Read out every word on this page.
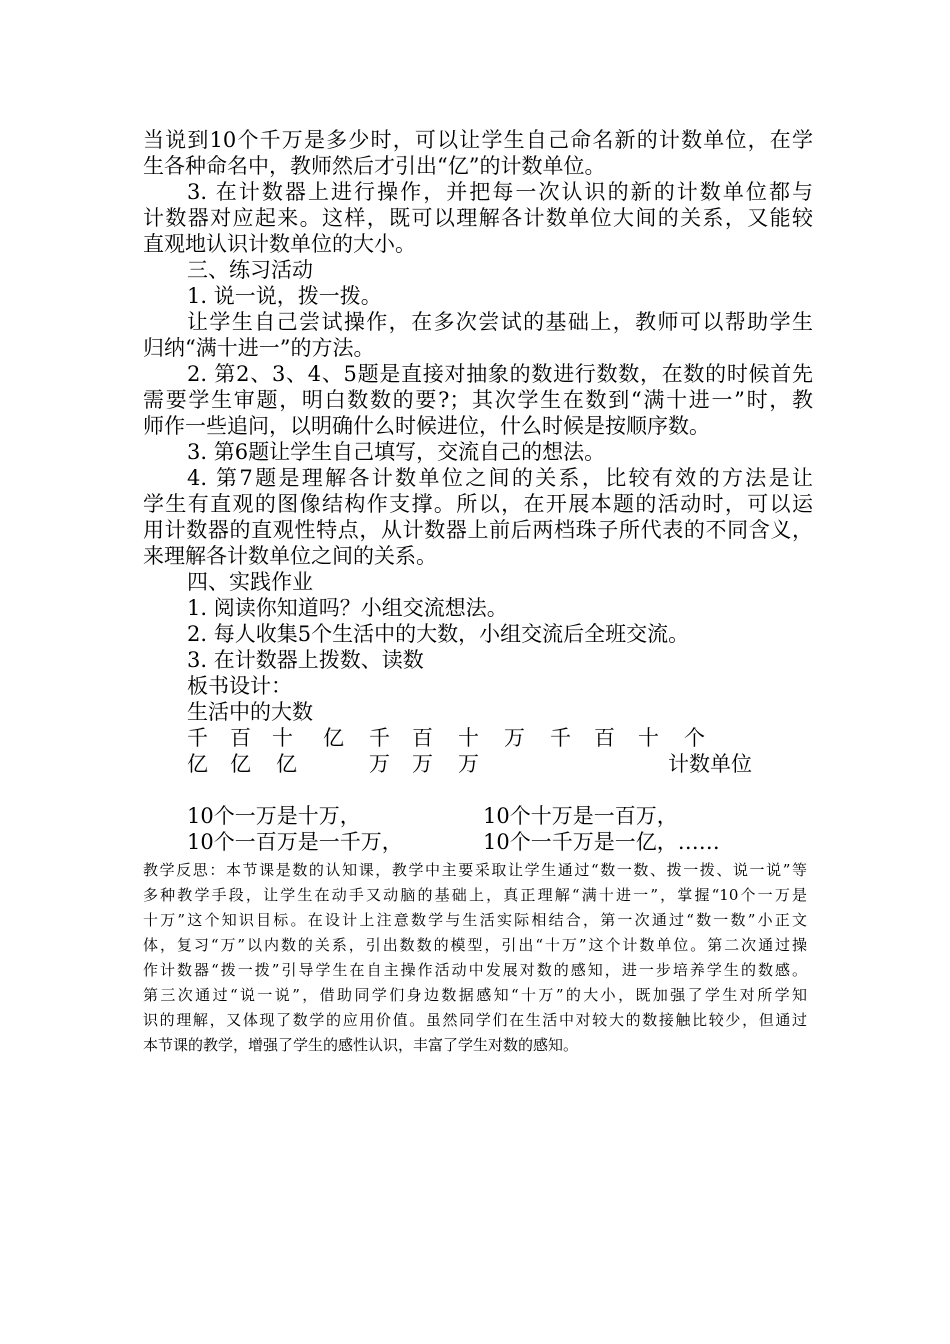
当说到10个千万是多少时，可以让学生自己命名新的计数单位，在学
生各种命名中，教师然后才引出“亿”的计数单位。
3. 在计数器上进行操作，并把每一次认识的新的计数单位都与
计数器对应起来。这样，既可以理解各计数单位大间的关系，又能较
直观地认识计数单位的大小。
三、练习活动
1. 说一说，拨一拨。
让学生自己尝试操作，在多次尝试的基础上，教师可以帮助学生
归纳“满十进一”的方法。
2. 第2、3、4、5题是直接对抽象的数进行数数，在数的时候首先
需要学生审题，明白数数的要?；其次学生在数到“满十进一”时，教
师作一些追问，以明确什么时候进位，什么时候是按顺序数。
3. 第6题让学生自己填写，交流自己的想法。
4. 第7题是理解各计数单位之间的关系，比较有效的方法是让
学生有直观的图像结构作支撑。所以，在开展本题的活动时，可以运
用计数器的直观性特点，从计数器上前后两档珠子所代表的不同含义，
来理解各计数单位之间的关系。
四、实践作业
1. 阅读你知道吗？小组交流想法。
2. 每人收集5个生活中的大数，小组交流后全班交流。
3. 在计数器上拨数、读数
板书设计：
生活中的大数
千 百 十 亿 千 百 十 万 千 百 十 个
亿 亿 亿	万 万 万	计数单位
10个一万是十万，	10个十万是一百万，
10个一百万是一千万，	10个一千万是一亿，……
教学反思：本节课是数的认知课，教学中主要采取让学生通过“数一数、拨一拨、说一说”等
多种教学手段，让学生在动手又动脑的基础上，真正理解“满十进一”，掌握“10个一万是
十万”这个知识目标。在设计上注意数学与生活实际相结合，第一次通过“数一数”小正文
体，复习“万”以内数的关系，引出数数的模型，引出“十万”这个计数单位。第二次通过操
作计数器“拨一拨”引导学生在自主操作活动中发展对数的感知，进一步培养学生的数感。
第三次通过“说一说”，借助同学们身边数据感知“十万”的大小，既加强了学生对所学知
识的理解，又体现了数学的应用价值。虽然同学们在生活中对较大的数接触比较少，但通过
本节课的教学，增强了学生的感性认识，丰富了学生对数的感知。
